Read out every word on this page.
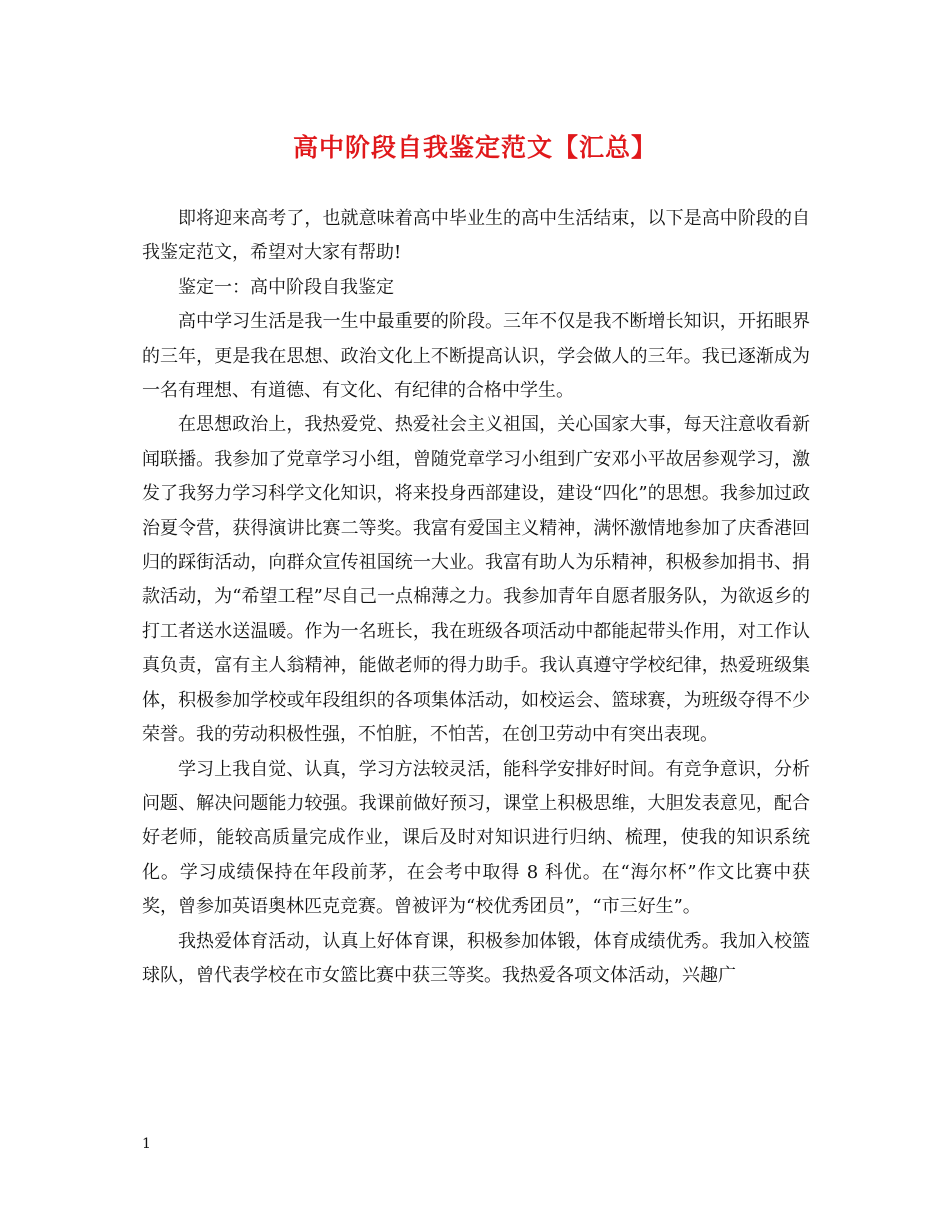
高中阶段自我鉴定范文【汇总】

即将迎来高考了，也就意味着高中毕业生的高中生活结束，以下是高中阶段的自我鉴定范文，希望对大家有帮助!

鉴定一：高中阶段自我鉴定

高中学习生活是我一生中最重要的阶段。三年不仅是我不断增长知识，开拓眼界的三年，更是我在思想、政治文化上不断提高认识，学会做人的三年。我已逐渐成为一名有理想、有道德、有文化、有纪律的合格中学生。

在思想政治上，我热爱党、热爱社会主义祖国，关心国家大事，每天注意收看新闻联播。我参加了党章学习小组，曾随党章学习小组到广安邓小平故居参观学习，激发了我努力学习科学文化知识，将来投身西部建设，建设“四化”的思想。我参加过政治夏令营，获得演讲比赛二等奖。我富有爱国主义精神，满怀激情地参加了庆香港回归的踩街活动，向群众宣传祖国统一大业。我富有助人为乐精神，积极参加捐书、捐款活动，为“希望工程”尽自己一点棉薄之力。我参加青年自愿者服务队，为欲返乡的打工者送水送温暖。作为一名班长，我在班级各项活动中都能起带头作用，对工作认真负责，富有主人翁精神，能做老师的得力助手。我认真遵守学校纪律，热爱班级集体，积极参加学校或年段组织的各项集体活动，如校运会、篮球赛，为班级夺得不少荣誉。我的劳动积极性强，不怕脏，不怕苦，在创卫劳动中有突出表现。

学习上我自觉、认真，学习方法较灵活，能科学安排好时间。有竞争意识，分析问题、解决问题能力较强。我课前做好预习，课堂上积极思维，大胆发表意见，配合好老师，能较高质量完成作业，课后及时对知识进行归纳、梳理，使我的知识系统化。学习成绩保持在年段前茅，在会考中取得 8 科优。在“海尔杯”作文比赛中获奖，曾参加英语奥林匹克竞赛。曾被评为“校优秀团员”，“市三好生”。

我热爱体育活动，认真上好体育课，积极参加体锻，体育成绩优秀。我加入校篮球队，曾代表学校在市女篮比赛中获三等奖。我热爱各项文体活动，兴趣广

1
